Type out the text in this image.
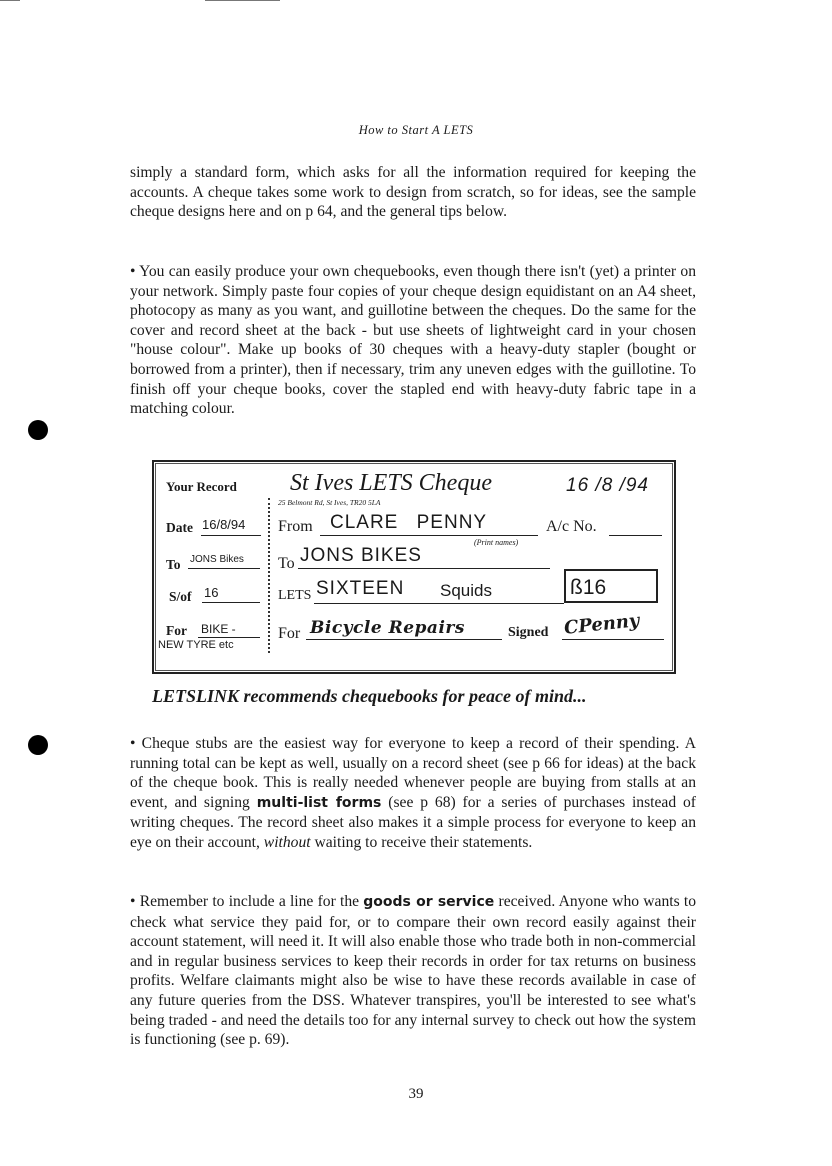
How to Start A LETS

simply a standard form, which asks for all the information required for keeping the accounts. A cheque takes some work to design from scratch, so for ideas, see the sample cheque designs here and on p 64, and the general tips below.

• You can easily produce your own chequebooks, even though there isn't (yet) a printer on your network. Simply paste four copies of your cheque design equidistant on an A4 sheet, photocopy as many as you want, and guillotine between the cheques. Do the same for the cover and record sheet at the back - but use sheets of lightweight card in your chosen "house colour". Make up books of 30 cheques with a heavy-duty stapler (bought or borrowed from a printer), then if necessary, trim any uneven edges with the guillotine. To finish off your cheque books, cover the stapled end with heavy-duty fabric tape in a matching colour.

Your Record
Date 16/8/94
To JONS Bikes
S/of 16
For BIKE -
NEW TYRE etc
St Ives LETS Cheque	16 /8 /94
25 Belmont Rd, St Ives, TR20 5LA
From CLARE PENNY	A/c No.
(Print names)
To JONS BIKES
LETS SIXTEEN Squids	ß16
For Bicycle Repairs	Signed CPenny
LETSLINK recommends chequebooks for peace of mind...

• Cheque stubs are the easiest way for everyone to keep a record of their spending. A running total can be kept as well, usually on a record sheet (see p 66 for ideas) at the back of the cheque book. This is really needed whenever people are buying from stalls at an event, and signing multi-list forms (see p 68) for a series of purchases instead of writing cheques. The record sheet also makes it a simple process for everyone to keep an eye on their account, without waiting to receive their statements.

• Remember to include a line for the goods or service received. Anyone who wants to check what service they paid for, or to compare their own record easily against their account statement, will need it. It will also enable those who trade both in non-commercial and in regular business services to keep their records in order for tax returns on business profits. Welfare claimants might also be wise to have these records available in case of any future queries from the DSS. Whatever transpires, you'll be interested to see what's being traded - and need the details too for any internal survey to check out how the system is functioning (see p. 69).

39
